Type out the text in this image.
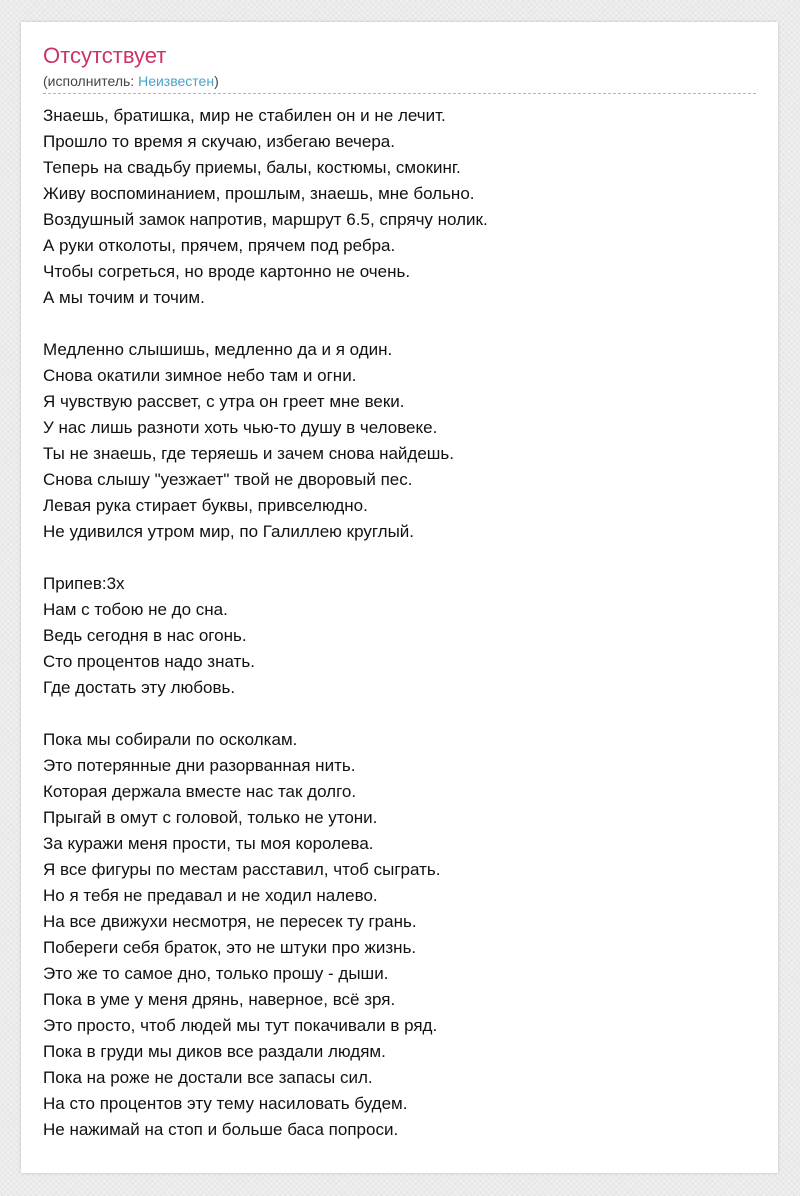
Отсутствует
(исполнитель: Неизвестен)
Знаешь, братишка, мир не стабилен он и не лечит.
Прошло то время я скучаю, избегаю вечера.
Теперь на свадьбу приемы, балы, костюмы, смокинг.
Живу воспоминанием, прошлым, знаешь, мне больно.
Воздушный замок напротив, маршрут 6.5, спрячу нолик.
А руки отколоты, прячем, прячем под ребра.
Чтобы согреться, но вроде картонно не очень.
А мы точим и точим.
Медленно слышишь, медленно да и я один.
Снова окатили зимное небо там и огни.
Я чувствую рассвет, с утра он греет мне веки.
У нас лишь разноти хоть чью-то душу в человеке.
Ты не знаешь, где теряешь и зачем снова найдешь.
Снова слышу "уезжает" твой не дворовый пес.
Левая рука стирает буквы, привселюдно.
Не удивился утром мир, по Галиллею круглый.
Припев:3х
Нам с тобою не до сна.
Ведь сегодня в нас огонь.
Сто процентов надо знать.
Где достать эту любовь.
Пока мы собирали по осколкам.
Это потерянные дни разорванная нить.
Которая держала вместе нас так долго.
Прыгай в омут с головой, только не утони.
За куражи меня прости, ты моя королева.
Я все фигуры по местам расставил, чтоб сыграть.
Но я тебя не предавал и не ходил налево.
На все движухи несмотря, не пересек ту грань.
Побереги себя браток, это не штуки про жизнь.
Это же то самое дно, только прошу - дыши.
Пока в уме у меня дрянь, наверное, всё зря.
Это просто, чтоб людей мы тут покачивали в ряд.
Пока в груди мы диков все раздали людям.
Пока на роже не достали все запасы сил.
На сто процентов эту тему насиловать будем.
Не нажимай на стоп и больше баса попроси.
